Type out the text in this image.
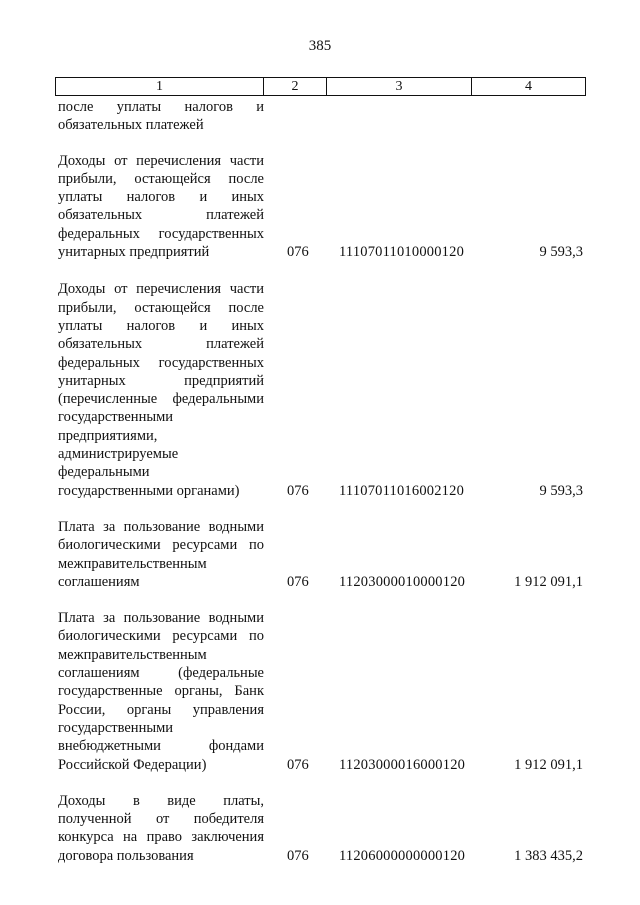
385
1	2	3	4
после уплаты налогов и
обязательных платежей
Доходы от перечисления части
прибыли, остающейся после
уплаты налогов и иных
обязательных платежей
федеральных государственных
унитарных предприятий	076 11107011010000120	9 593,3
Доходы от перечисления части
прибыли, остающейся после
уплаты налогов и иных
обязательных платежей
федеральных государственных
унитарных предприятий
(перечисленные федеральными
государственными
предприятиями,
администрируемые
федеральными
государственными органами)	076 11107011016002120	9 593,3
Плата за пользование водными
биологическими ресурсами по
межправительственным
соглашениям	076 11203000010000120	1 912 091,1
Плата за пользование водными
биологическими ресурсами по
межправительственным
соглашениям (федеральные
государственные органы, Банк
России, органы управления
государственными
внебюджетными фондами
Российской Федерации)	076 11203000016000120	1 912 091,1
Доходы в виде платы,
полученной от победителя
конкурса на право заключения
договора пользования	076 11206000000000120	1 383 435,2
